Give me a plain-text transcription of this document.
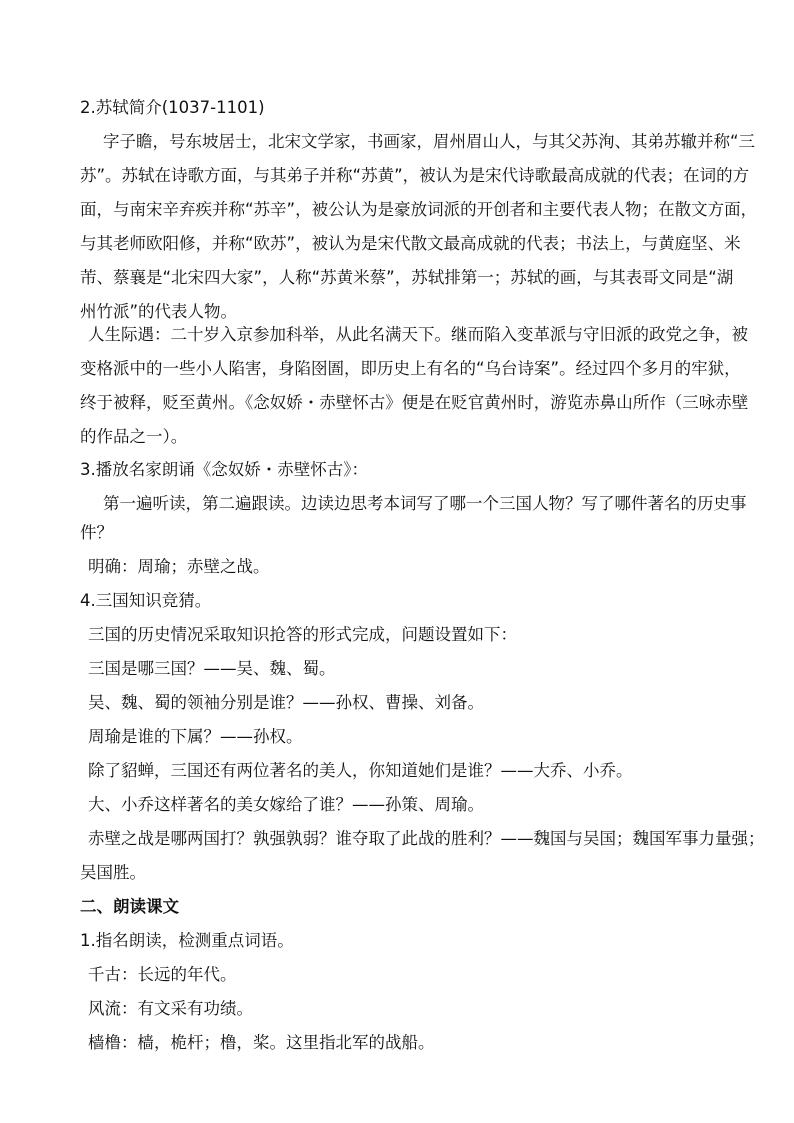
2.苏轼简介(1037-1101)
字子瞻，号东坡居士，北宋文学家，书画家，眉州眉山人，与其父苏洵、其弟苏辙并称“三
苏”。苏轼在诗歌方面，与其弟子并称“苏黄”，被认为是宋代诗歌最高成就的代表；在词的方
面，与南宋辛弃疾并称“苏辛”，被公认为是豪放词派的开创者和主要代表人物；在散文方面，
与其老师欧阳修，并称“欧苏”，被认为是宋代散文最高成就的代表；书法上，与黄庭坚、米
芾、蔡襄是“北宋四大家”，人称“苏黄米蔡”，苏轼排第一；苏轼的画，与其表哥文同是“湖
州竹派”的代表人物。
人生际遇：二十岁入京参加科举，从此名满天下。继而陷入变革派与守旧派的政党之争，被
变格派中的一些小人陷害，身陷囹圄，即历史上有名的“乌台诗案”。经过四个多月的牢狱，
终于被释，贬至黄州。《念奴娇・赤壁怀古》便是在贬官黄州时，游览赤鼻山所作（三咏赤壁
的作品之一）。
3.播放名家朗诵《念奴娇・赤壁怀古》：
第一遍听读，第二遍跟读。边读边思考本词写了哪一个三国人物？写了哪件著名的历史事
件？
明确：周瑜；赤壁之战。
4.三国知识竞猜。
三国的历史情况采取知识抢答的形式完成，问题设置如下：
三国是哪三国？——吴、魏、蜀。
吴、魏、蜀的领袖分别是谁？——孙权、曹操、刘备。
周瑜是谁的下属？——孙权。
除了貂蝉，三国还有两位著名的美人，你知道她们是谁？——大乔、小乔。
大、小乔这样著名的美女嫁给了谁？——孙策、周瑜。
赤壁之战是哪两国打？孰强孰弱？谁夺取了此战的胜利？——魏国与吴国；魏国军事力量强；
吴国胜。
二、朗读课文
1.指名朗读，检测重点词语。
千古：长远的年代。
风流：有文采有功绩。
樯橹：樯，桅杆；橹，桨。这里指北军的战船。
